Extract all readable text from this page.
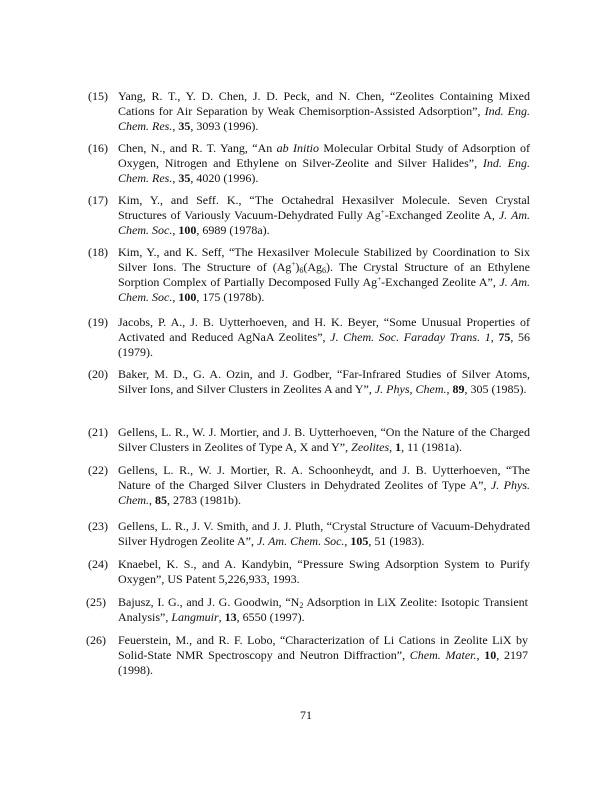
(15) Yang, R. T., Y. D. Chen, J. D. Peck, and N. Chen, “Zeolites Containing Mixed Cations for Air Separation by Weak Chemisorption-Assisted Adsorption”, Ind. Eng. Chem. Res., 35, 3093 (1996).
(16) Chen, N., and R. T. Yang, “An ab Initio Molecular Orbital Study of Adsorption of Oxygen, Nitrogen and Ethylene on Silver-Zeolite and Silver Halides”, Ind. Eng. Chem. Res., 35, 4020 (1996).
(17) Kim, Y., and Seff. K., “The Octahedral Hexasilver Molecule. Seven Crystal Structures of Variously Vacuum-Dehydrated Fully Ag+-Exchanged Zeolite A, J. Am. Chem. Soc., 100, 6989 (1978a).
(18) Kim, Y., and K. Seff, “The Hexasilver Molecule Stabilized by Coordination to Six Silver Ions. The Structure of $(Ag^+)_6(Ag_6)$. The Crystal Structure of an Ethylene Sorption Complex of Partially Decomposed Fully Ag+-Exchanged Zeolite A”, J. Am. Chem. Soc., 100, 175 (1978b).
(19) Jacobs, P. A., J. B. Uytterhoeven, and H. K. Beyer, “Some Unusual Properties of Activated and Reduced AgNaA Zeolites”, J. Chem. Soc. Faraday Trans. 1, 75, 56 (1979).
(20) Baker, M. D., G. A. Ozin, and J. Godber, “Far-Infrared Studies of Silver Atoms, Silver Ions, and Silver Clusters in Zeolites A and Y”, J. Phys, Chem., 89, 305 (1985).
(21) Gellens, L. R., W. J. Mortier, and J. B. Uytterhoeven, “On the Nature of the Charged Silver Clusters in Zeolites of Type A, X and Y”, Zeolites, 1, 11 (1981a).
(22) Gellens, L. R., W. J. Mortier, R. A. Schoonheydt, and J. B. Uytterhoeven, “The Nature of the Charged Silver Clusters in Dehydrated Zeolites of Type A”, J. Phys. Chem., 85, 2783 (1981b).
(23) Gellens, L. R., J. V. Smith, and J. J. Pluth, “Crystal Structure of Vacuum-Dehydrated Silver Hydrogen Zeolite A”, J. Am. Chem. Soc., 105, 51 (1983).
(24) Knaebel, K. S., and A. Kandybin, “Pressure Swing Adsorption System to Purify Oxygen”, US Patent 5,226,933, 1993.
(25) Bajusz, I. G., and J. G. Goodwin, “$N_2$ Adsorption in LiX Zeolite: Isotopic Transient Analysis”, Langmuir, 13, 6550 (1997).
(26) Feuerstein, M., and R. F. Lobo, “Characterization of Li Cations in Zeolite LiX by Solid-State NMR Spectroscopy and Neutron Diffraction”, Chem. Mater., 10, 2197 (1998).
71
